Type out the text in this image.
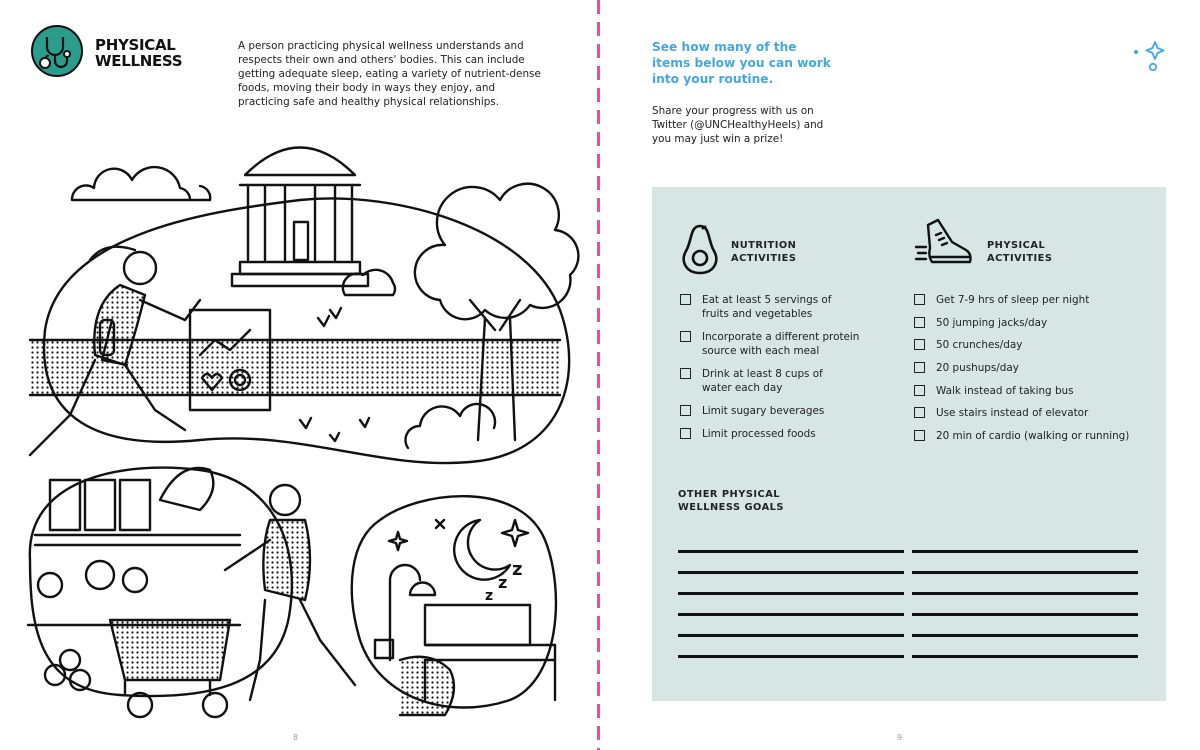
PHYSICAL
WELLNESS
A person practicing physical wellness understands and respects their own and others' bodies. This can include getting adequate sleep, eating a variety of nutrient-dense foods, moving their body in ways they enjoy, and practicing safe and healthy physical relationships.
z
z
z
8
See how many of the items below you can work into your routine.
Share your progress with us on Twitter (@UNCHealthyHeels) and you may just win a prize!
NUTRITION
ACTIVITIES
Eat at least 5 servings of
fruits and vegetables
Incorporate a different protein
source with each meal
Drink at least 8 cups of
water each day
Limit sugary beverages
Limit processed foods
PHYSICAL
ACTIVITIES
Get 7-9 hrs of sleep per night
50 jumping jacks/day
50 crunches/day
20 pushups/day
Walk instead of taking bus
Use stairs instead of elevator
20 min of cardio (walking or running)
OTHER PHYSICAL
WELLNESS GOALS
9
